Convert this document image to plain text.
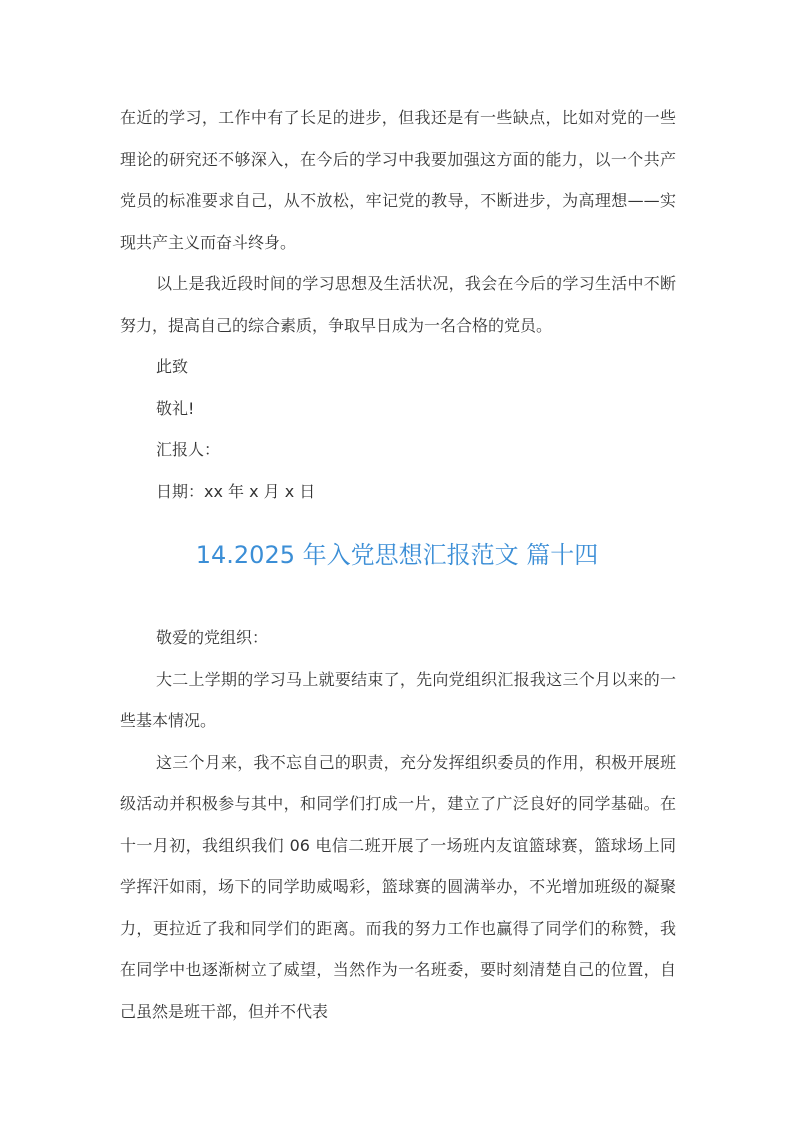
在近的学习，工作中有了长足的进步，但我还是有一些缺点，比如对党的一些理论的研究还不够深入，在今后的学习中我要加强这方面的能力，以一个共产党员的标准要求自己，从不放松，牢记党的教导，不断进步，为高理想——实现共产主义而奋斗终身。

以上是我近段时间的学习思想及生活状况，我会在今后的学习生活中不断努力，提高自己的综合素质，争取早日成为一名合格的党员。

此致

敬礼!

汇报人：

日期：xx 年 x 月 x 日

14.2025 年入党思想汇报范文 篇十四

敬爱的党组织：

大二上学期的学习马上就要结束了，先向党组织汇报我这三个月以来的一些基本情况。

这三个月来，我不忘自己的职责，充分发挥组织委员的作用，积极开展班级活动并积极参与其中，和同学们打成一片，建立了广泛良好的同学基础。在十一月初，我组织我们 06 电信二班开展了一场班内友谊篮球赛，篮球场上同学挥汗如雨，场下的同学助威喝彩，篮球赛的圆满举办，不光增加班级的凝聚力，更拉近了我和同学们的距离。而我的努力工作也赢得了同学们的称赞，我在同学中也逐渐树立了威望，当然作为一名班委，要时刻清楚自己的位置，自己虽然是班干部，但并不代表
